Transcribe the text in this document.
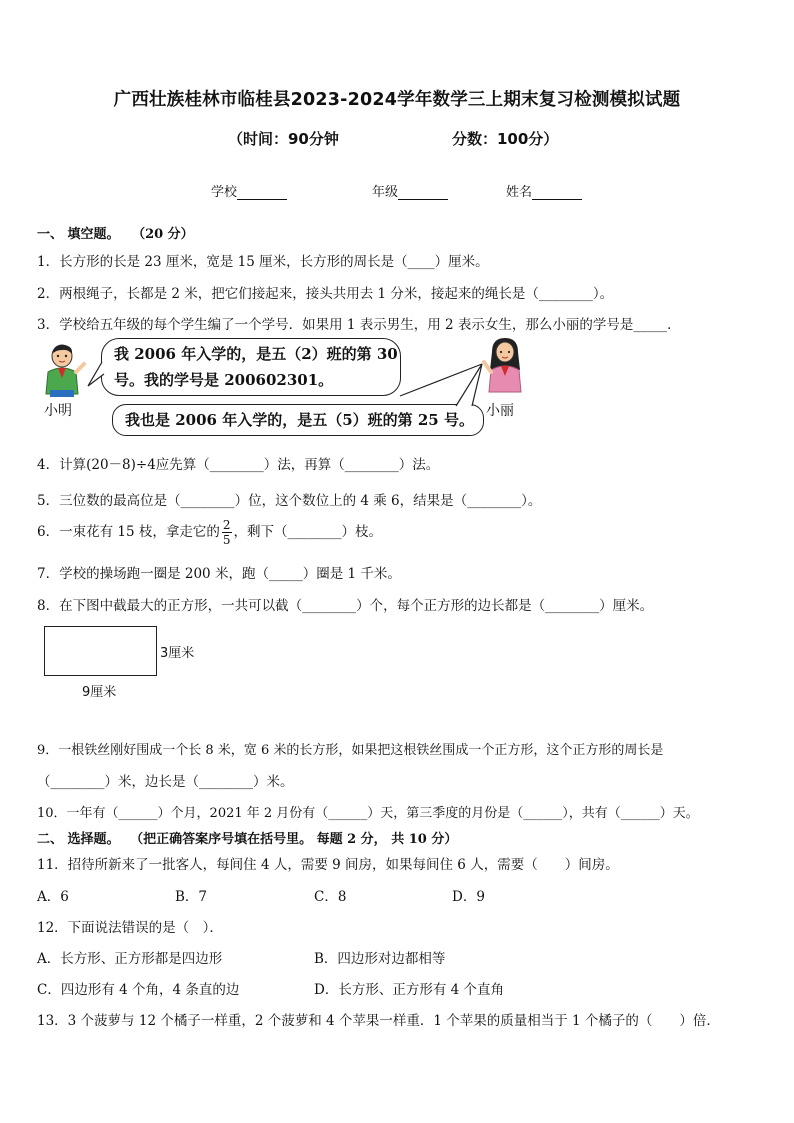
广西壮族桂林市临桂县2023-2024学年数学三上期末复习检测模拟试题
（时间：90分钟	分数：100分）
学校	年级	姓名
一、 填空题。 （20 分）
1．长方形的长是 23 厘米，宽是 15 厘米，长方形的周长是（____）厘米。
2．两根绳子，长都是 2 米，把它们接起来，接头共用去 1 分米，接起来的绳长是（________）。
3．学校给五年级的每个学生编了一个学号．如果用 1 表示男生，用 2 表示女生，那么小丽的学号是_____．
小明
我 2006 年入学的，是五（2）班的第 30
号。我的学号是 200602301。
我也是 2006 年入学的，是五（5）班的第 25 号。 小丽
4．计算(20－8)÷4应先算（________）法，再算（________）法。
5．三位数的最高位是（________）位，这个数位上的 4 乘 6，结果是（________）。
6．一束花有 15 枝，拿走它的 $\frac{2}{5}$ ，剩下（________）枝。
7．学校的操场跑一圈是 200 米，跑（_____）圈是 1 千米。
8．在下图中截最大的正方形，一共可以截（________）个，每个正方形的边长都是（________）厘米。
3厘米
9厘米
9．一根铁丝刚好围成一个长 8 米，宽 6 米的长方形，如果把这根铁丝围成一个正方形，这个正方形的周长是
（________）米，边长是（________）米。
10．一年有（______）个月，2021 年 2 月份有（______）天，第三季度的月份是（______），共有（______）天。
二、 选择题。 （把正确答案序号填在括号里。 每题 2 分， 共 10 分）
11．招待所新来了一批客人，每间住 4 人，需要 9 间房，如果每间住 6 人，需要（　　）间房。
A．6	B．7	C．8	D．9
12．下面说法错误的是（　）．
A．长方形、正方形都是四边形	B．四边形对边都相等
C．四边形有 4 个角，4 条直的边	D．长方形、正方形有 4 个直角
13．3 个菠萝与 12 个橘子一样重，2 个菠萝和 4 个苹果一样重．1 个苹果的质量相当于 1 个橘子的（　　）倍．
